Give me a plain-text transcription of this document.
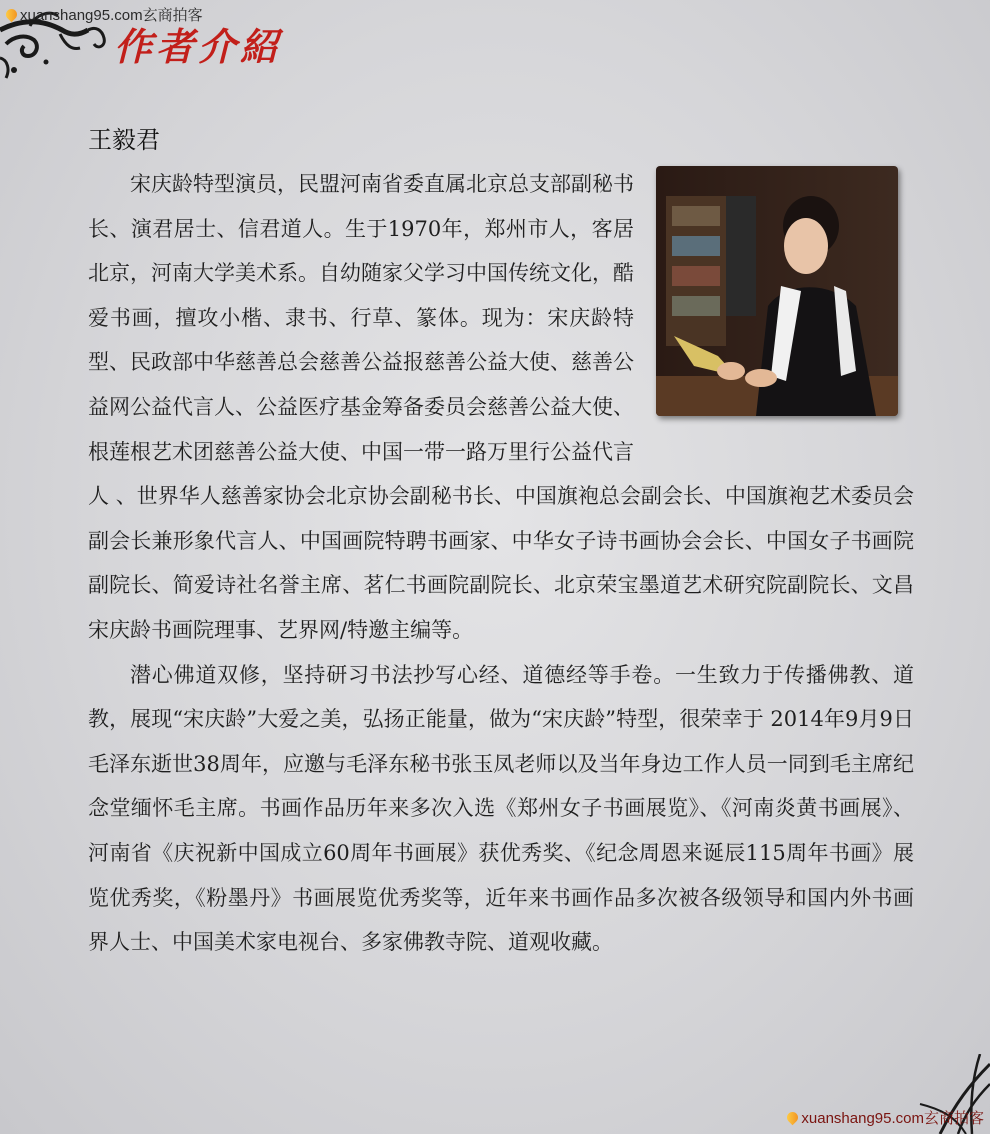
xuanshang95.com玄商拍客
作者介紹
王毅君

宋庆龄特型演员，民盟河南省委直属北京总支部副秘书长、演君居士、信君道人。生于1970年，郑州市人，客居北京，河南大学美术系。自幼随家父学习中国传统文化，酷爱书画，擅攻小楷、隶书、行草、篆体。现为：宋庆龄特型、民政部中华慈善总会慈善公益报慈善公益大使、慈善公益网公益代言人、公益医疗基金筹备委员会慈善公益大使、根莲根艺术团慈善公益大使、中国一带一路万里行公益代言人 、世界华人慈善家协会北京协会副秘书长、中国旗袍总会副会长、中国旗袍艺术委员会副会长兼形象代言人、中国画院特聘书画家、中华女子诗书画协会会长、中国女子书画院副院长、简爱诗社名誉主席、茗仁书画院副院长、北京荣宝墨道艺术研究院副院长、文昌宋庆龄书画院理事、艺界网/特邀主编等。

潜心佛道双修，坚持研习书法抄写心经、道德经等手卷。一生致力于传播佛教、道教，展现“宋庆龄”大爱之美，弘扬正能量，做为“宋庆龄”特型，很荣幸于 2014年9月9日毛泽东逝世38周年，应邀与毛泽东秘书张玉凤老师以及当年身边工作人员一同到毛主席纪念堂缅怀毛主席。书画作品历年来多次入选《郑州女子书画展览》、《河南炎黄书画展》、河南省《庆祝新中国成立60周年书画展》获优秀奖、《纪念周恩来诞辰115周年书画》展览优秀奖，《粉墨丹》书画展览优秀奖等，近年来书画作品多次被各级领导和国内外书画界人士、中国美术家电视台、多家佛教寺院、道观收藏。

xuanshang95.com玄商拍客
